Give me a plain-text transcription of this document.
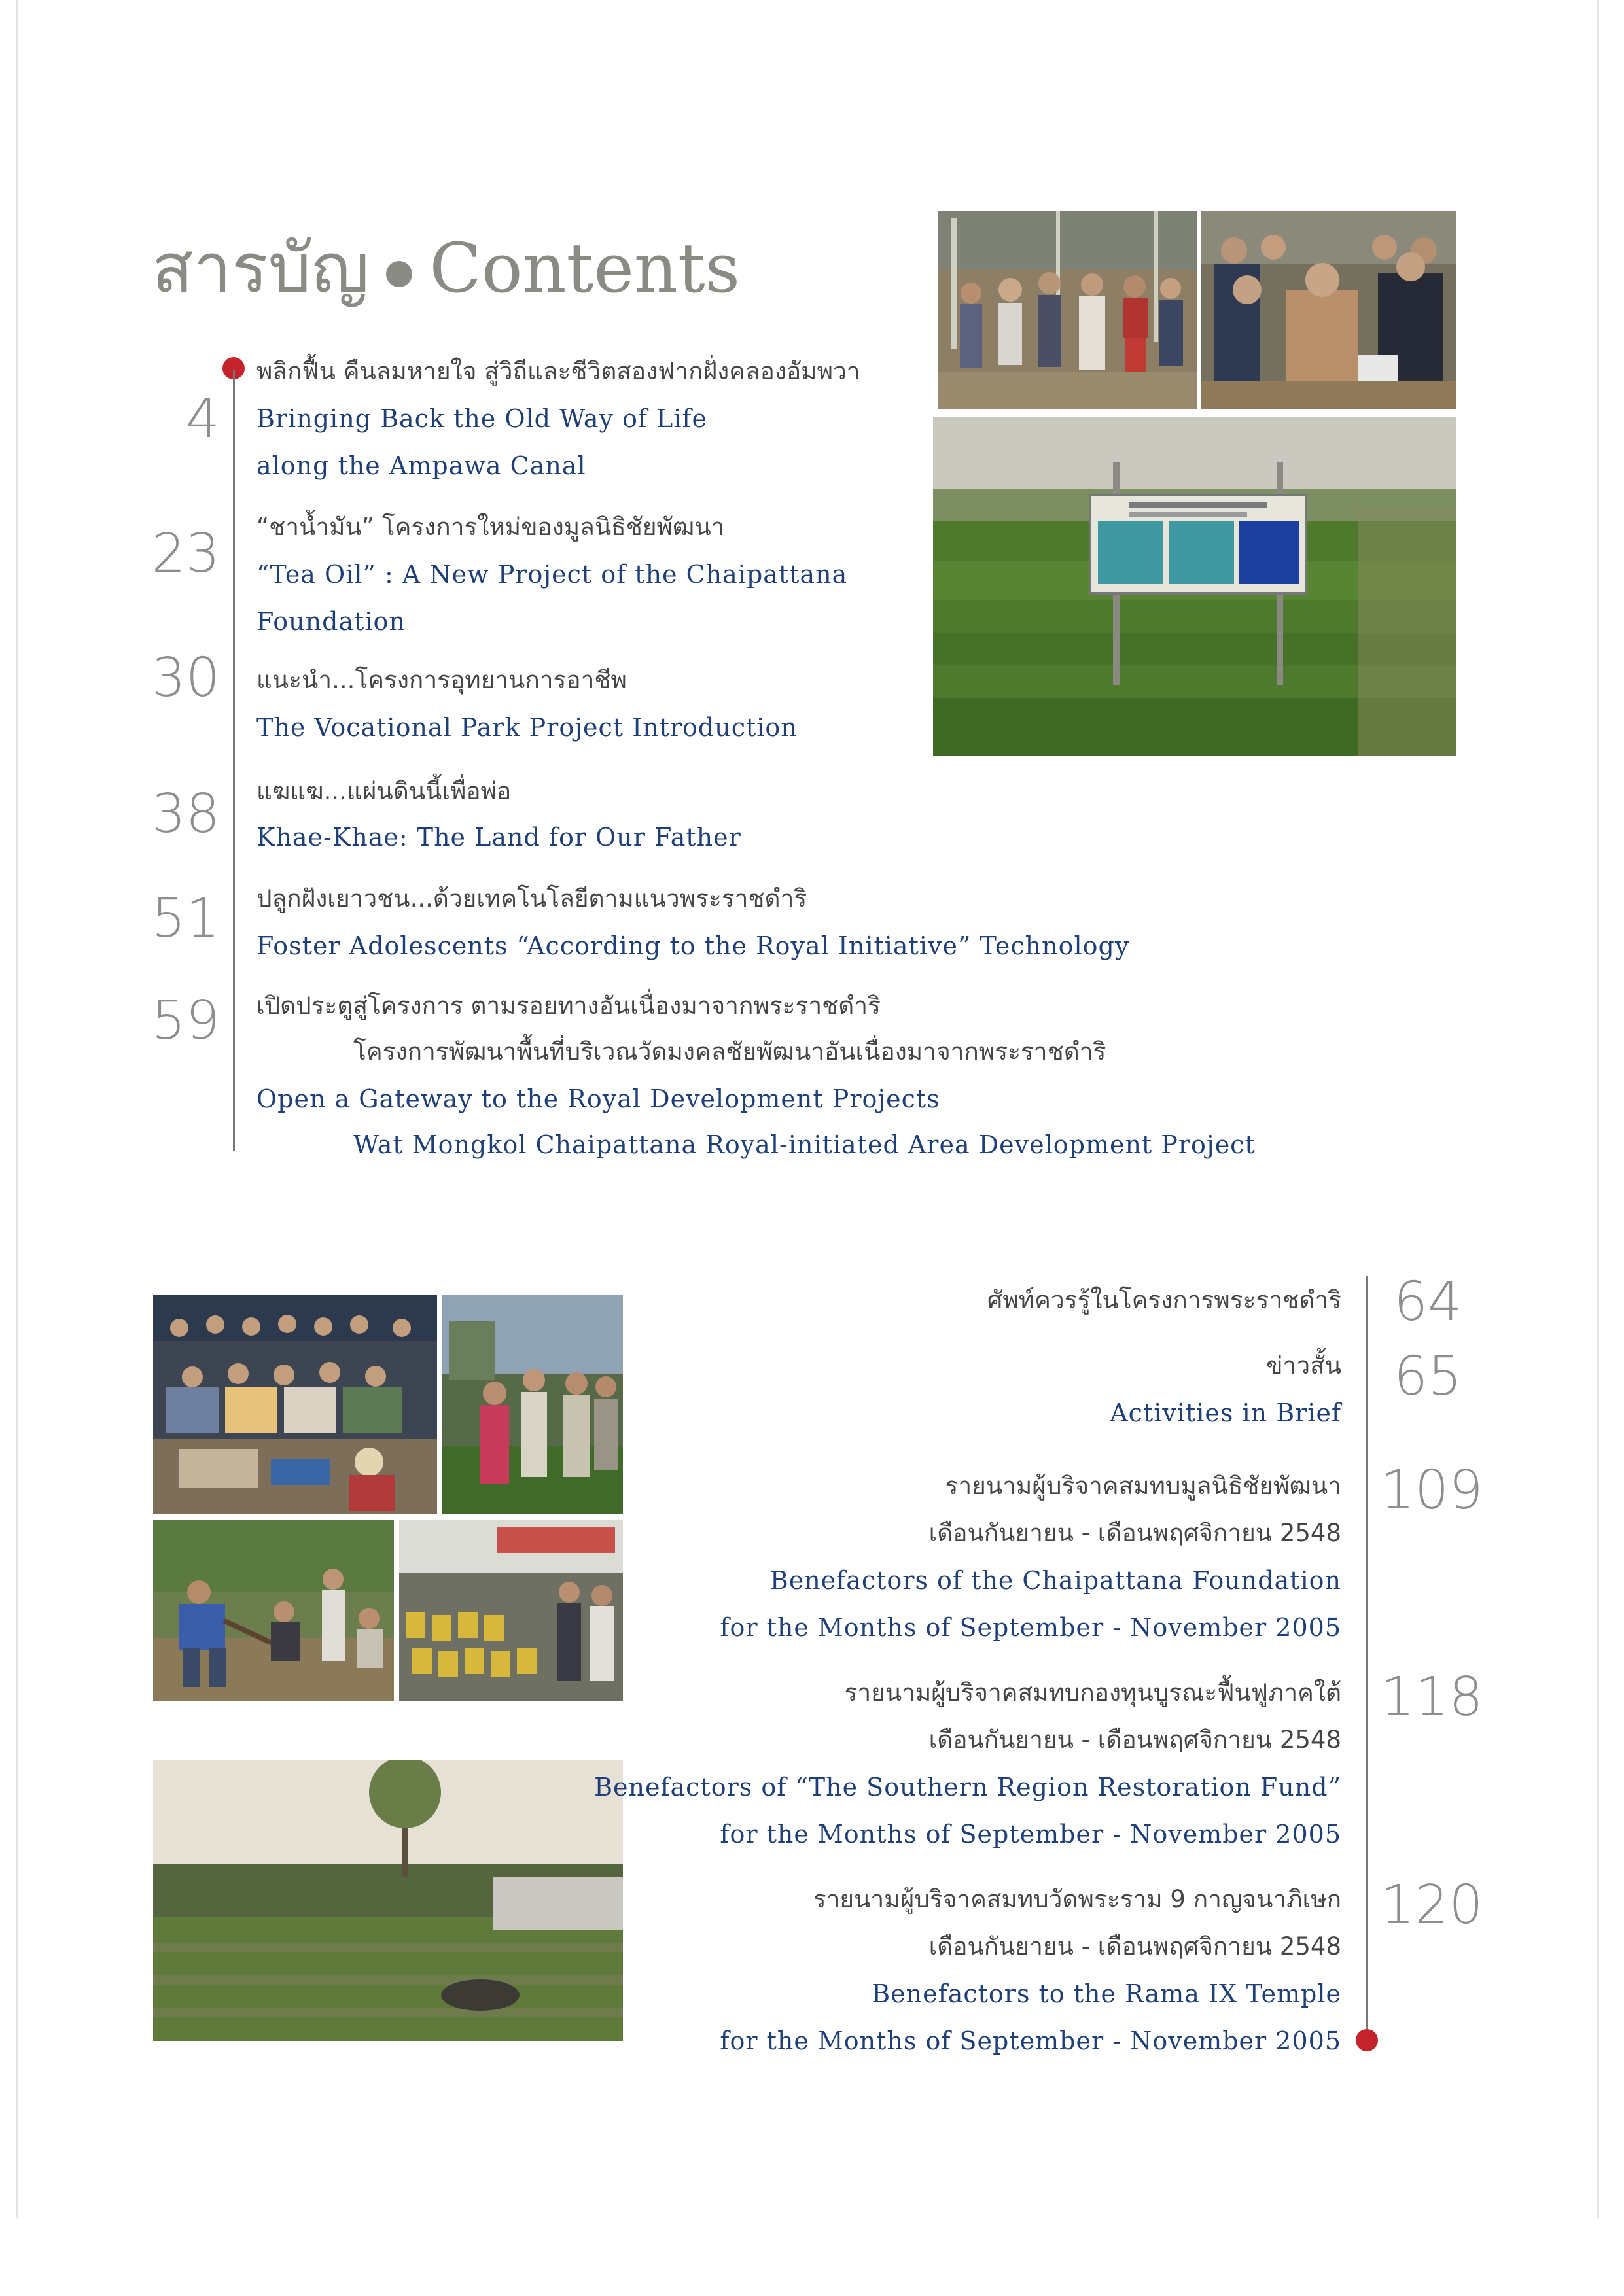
สารบัญ Contents
4
พลิกฟื้น คืนลมหายใจ สู่วิถีและชีวิตสองฟากฝั่งคลองอัมพวา
Bringing Back the Old Way of Life
along the Ampawa Canal
23 “ชาน้ำมัน” โครงการใหม่ของมูลนิธิชัยพัฒนา
“Tea Oil” : A New Project of the Chaipattana
Foundation
30 แนะนำ...โครงการอุทยานการอาชีพ
The Vocational Park Project Introduction
38 แฆแฆ...แผ่นดินนี้เพื่อพ่อ
Khae-Khae: The Land for Our Father
51 ปลูกฝังเยาวชน...ด้วยเทคโนโลยีตามแนวพระราชดำริ
Foster Adolescents “According to the Royal Initiative” Technology
59 เปิดประตูสู่โครงการ ตามรอยทางอันเนื่องมาจากพระราชดำริ
โครงการพัฒนาพื้นที่บริเวณวัดมงคลชัยพัฒนาอันเนื่องมาจากพระราชดำริ
Open a Gateway to the Royal Development Projects
Wat Mongkol Chaipattana Royal-initiated Area Development Project
ศัพท์ควรรู้ในโครงการพระราชดำริ 64
ข่าวสั้น 65
Activities in Brief
รายนามผู้บริจาคสมทบมูลนิธิชัยพัฒนา 109
เดือนกันยายน - เดือนพฤศจิกายน 2548
Benefactors of the Chaipattana Foundation
for the Months of September - November 2005
รายนามผู้บริจาคสมทบกองทุนบูรณะฟื้นฟูภาคใต้ 118
เดือนกันยายน - เดือนพฤศจิกายน 2548
Benefactors of “The Southern Region Restoration Fund”
for the Months of September - November 2005
รายนามผู้บริจาคสมทบวัดพระราม 9 กาญจนาภิเษก 120
เดือนกันยายน - เดือนพฤศจิกายน 2548
Benefactors to the Rama IX Temple
for the Months of September - November 2005
